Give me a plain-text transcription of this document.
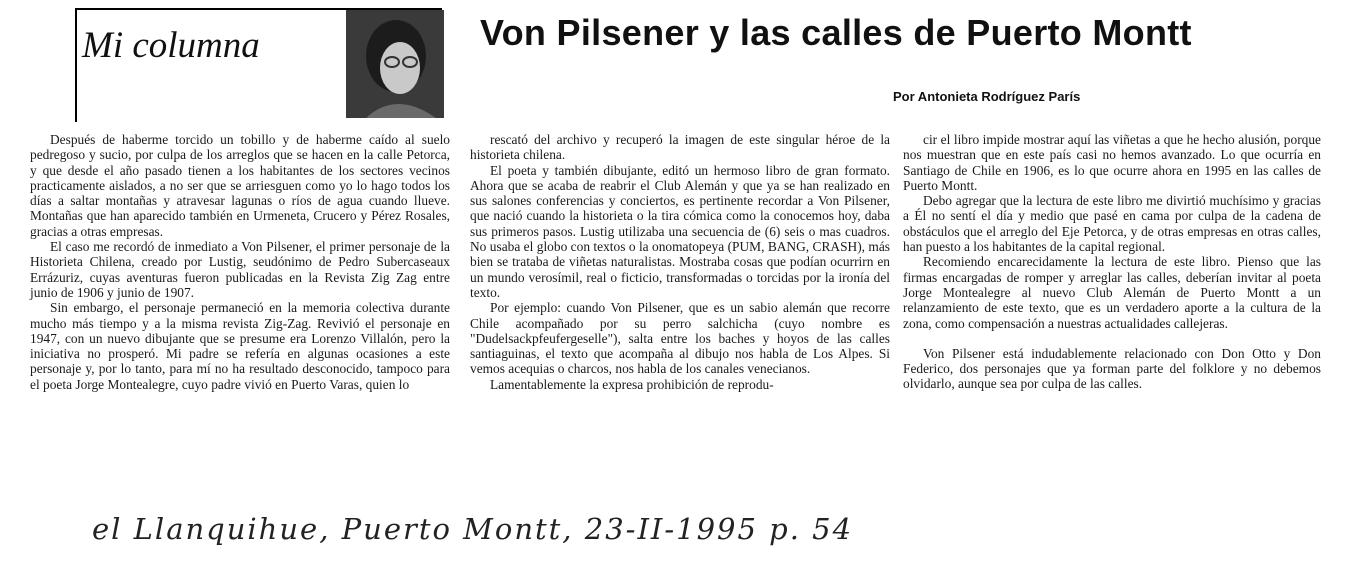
Mi columna	Von Pilsener y las calles de Puerto Montt
Por Antonieta Rodríguez París

Después de haberme torcido un tobillo y de haberme caído al suelo pedregoso y sucio, por culpa de los arreglos que se hacen en la calle Petorca, y que desde el año pasado tienen a los habitantes de los sectores vecinos practicamente aislados, a no ser que se arriesguen como yo lo hago todos los días a saltar montañas y atravesar lagunas o ríos de agua cuando llueve. Montañas que han aparecido también en Urmeneta, Crucero y Pérez Rosales, gracias a otras empresas.

El caso me recordó de inmediato a Von Pilsener, el primer personaje de la Historieta Chilena, creado por Lustig, seudónimo de Pedro Subercaseaux Errázuriz, cuyas aventuras fueron publicadas en la Revista Zig Zag entre junio de 1906 y junio de 1907.

Sin embargo, el personaje permaneció en la memoria colectiva durante mucho más tiempo y a la misma revista Zig-Zag. Revivió el personaje en 1947, con un nuevo dibujante que se presume era Lorenzo Villalón, pero la iniciativa no prosperó. Mi padre se refería en algunas ocasiones a este personaje y, por lo tanto, para mí no ha resultado desconocido, tampoco para el poeta Jorge Montealegre, cuyo padre vivió en Puerto Varas, quien lo

rescató del archivo y recuperó la imagen de este singular héroe de la historieta chilena.

El poeta y también dibujante, editó un hermoso libro de gran formato. Ahora que se acaba de reabrir el Club Alemán y que ya se han realizado en sus salones conferencias y conciertos, es pertinente recordar a Von Pilsener, que nació cuando la historieta o la tira cómica como la conocemos hoy, daba sus primeros pasos. Lustig utilizaba una secuencia de (6) seis o mas cuadros. No usaba el globo con textos o la onomatopeya (PUM, BANG, CRASH), más bien se trataba de viñetas naturalistas. Mostraba cosas que podían ocurrirn en un mundo verosímil, real o ficticio, transformadas o torcidas por la ironía del texto.

Por ejemplo: cuando Von Pilsener, que es un sabio alemán que recorre Chile acompañado por su perro salchicha (cuyo nombre es "Dudelsackpfeufergeselle"), salta entre los baches y hoyos de las calles santiaguinas, el texto que acompaña al dibujo nos habla de Los Alpes. Si vemos acequias o charcos, nos habla de los canales venecianos.

Lamentablemente la expresa prohibición de reprodu-

cir el libro impide mostrar aquí las viñetas a que he hecho alusión, porque nos muestran que en este país casi no hemos avanzado. Lo que ocurría en Santiago de Chile en 1906, es lo que ocurre ahora en 1995 en las calles de Puerto Montt.

Debo agregar que la lectura de este libro me divirtió muchísimo y gracias a Él no sentí el día y medio que pasé en cama por culpa de la cadena de obstáculos que el arreglo del Eje Petorca, y de otras empresas en otras calles, han puesto a los habitantes de la capital regional.

Recomiendo encarecidamente la lectura de este libro. Pienso que las firmas encargadas de romper y arreglar las calles, deberían invitar al poeta Jorge Montealegre al nuevo Club Alemán de Puerto Montt a un relanzamiento de este texto, que es un verdadero aporte a la cultura de la zona, como compensación a nuestras actualidades callejeras.

Von Pilsener está indudablemente relacionado con Don Otto y Don Federico, dos personajes que ya forman parte del folklore y no debemos olvidarlo, aunque sea por culpa de las calles.

el Llanquihue, Puerto Montt, 23-II-1995 p. 54
